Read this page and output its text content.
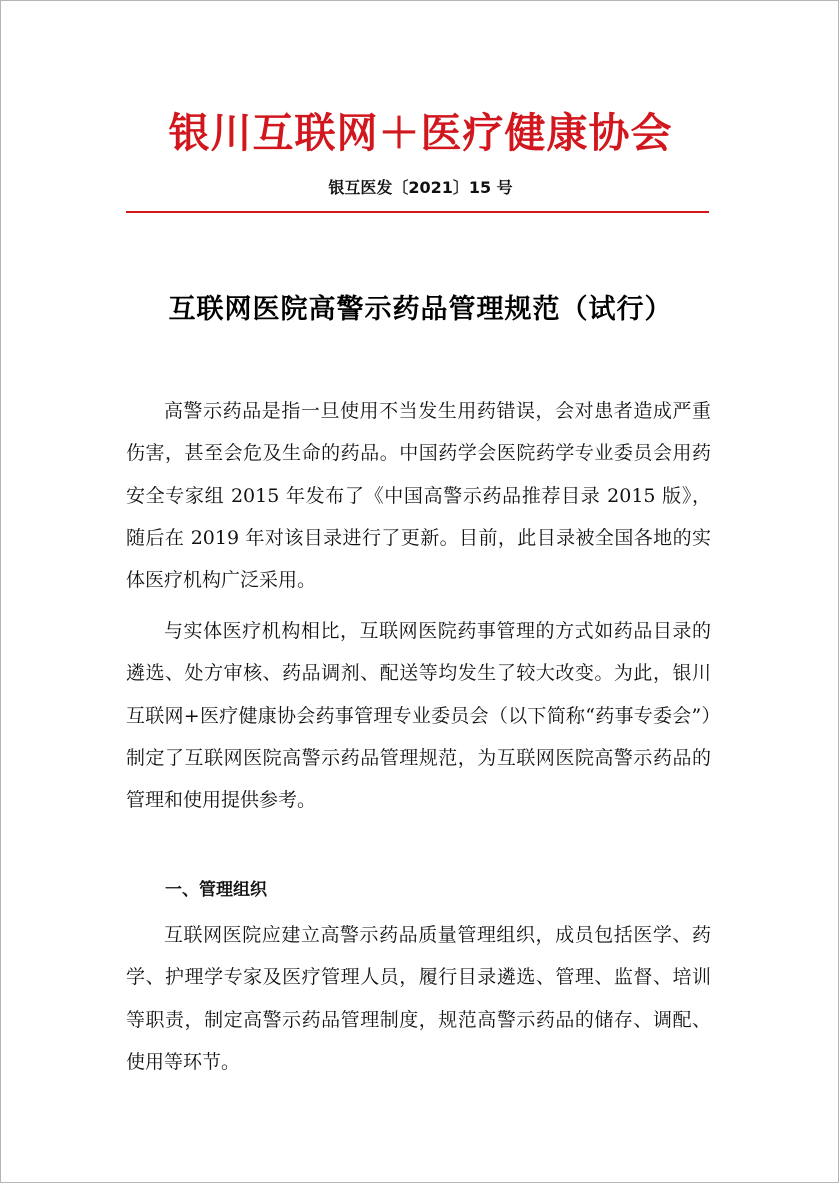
银川互联网＋医疗健康协会
银互医发〔2021〕15 号
互联网医院高警示药品管理规范（试行）

高警示药品是指一旦使用不当发生用药错误，会对患者造成严重伤害，甚至会危及生命的药品。中国药学会医院药学专业委员会用药安全专家组 2015 年发布了《中国高警示药品推荐目录 2015 版》，随后在 2019 年对该目录进行了更新。目前，此目录被全国各地的实体医疗机构广泛采用。

与实体医疗机构相比，互联网医院药事管理的方式如药品目录的遴选、处方审核、药品调剂、配送等均发生了较大改变。为此，银川互联网+医疗健康协会药事管理专业委员会（以下简称“药事专委会”）制定了互联网医院高警示药品管理规范，为互联网医院高警示药品的管理和使用提供参考。

一、管理组织

互联网医院应建立高警示药品质量管理组织，成员包括医学、药学、护理学专家及医疗管理人员，履行目录遴选、管理、监督、培训等职责，制定高警示药品管理制度，规范高警示药品的储存、调配、使用等环节。
